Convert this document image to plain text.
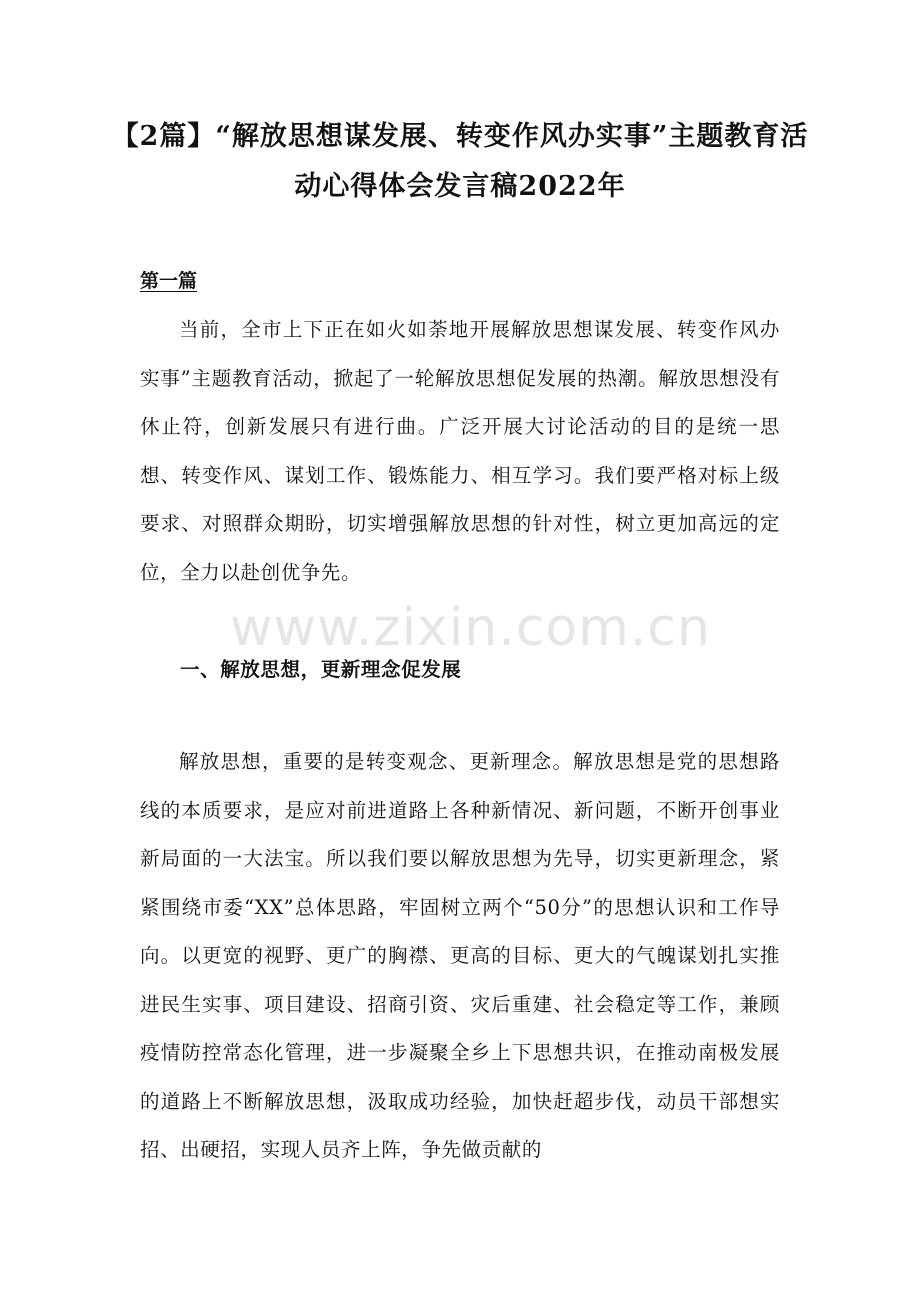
【2篇】“解放思想谋发展、转变作风办实事”主题教育活动心得体会发言稿2022年
第一篇

当前，全市上下正在如火如荼地开展解放思想谋发展、转变作风办实事”主题教育活动，掀起了一轮解放思想促发展的热潮。解放思想没有休止符，创新发展只有进行曲。广泛开展大讨论活动的目的是统一思想、转变作风、谋划工作、锻炼能力、相互学习。我们要严格对标上级要求、对照群众期盼，切实增强解放思想的针对性，树立更加高远的定位，全力以赴创优争先。

www.zixin.com.cn
一、解放思想，更新理念促发展

解放思想，重要的是转变观念、更新理念。解放思想是党的思想路线的本质要求，是应对前进道路上各种新情况、新问题，不断开创事业新局面的一大法宝。所以我们要以解放思想为先导，切实更新理念，紧紧围绕市委“XX”总体思路，牢固树立两个“50分”的思想认识和工作导向。以更宽的视野、更广的胸襟、更高的目标、更大的气魄谋划扎实推进民生实事、项目建设、招商引资、灾后重建、社会稳定等工作，兼顾疫情防控常态化管理，进一步凝聚全乡上下思想共识，在推动南极发展的道路上不断解放思想，汲取成功经验，加快赶超步伐，动员干部想实招、出硬招，实现人员齐上阵，争先做贡献的
